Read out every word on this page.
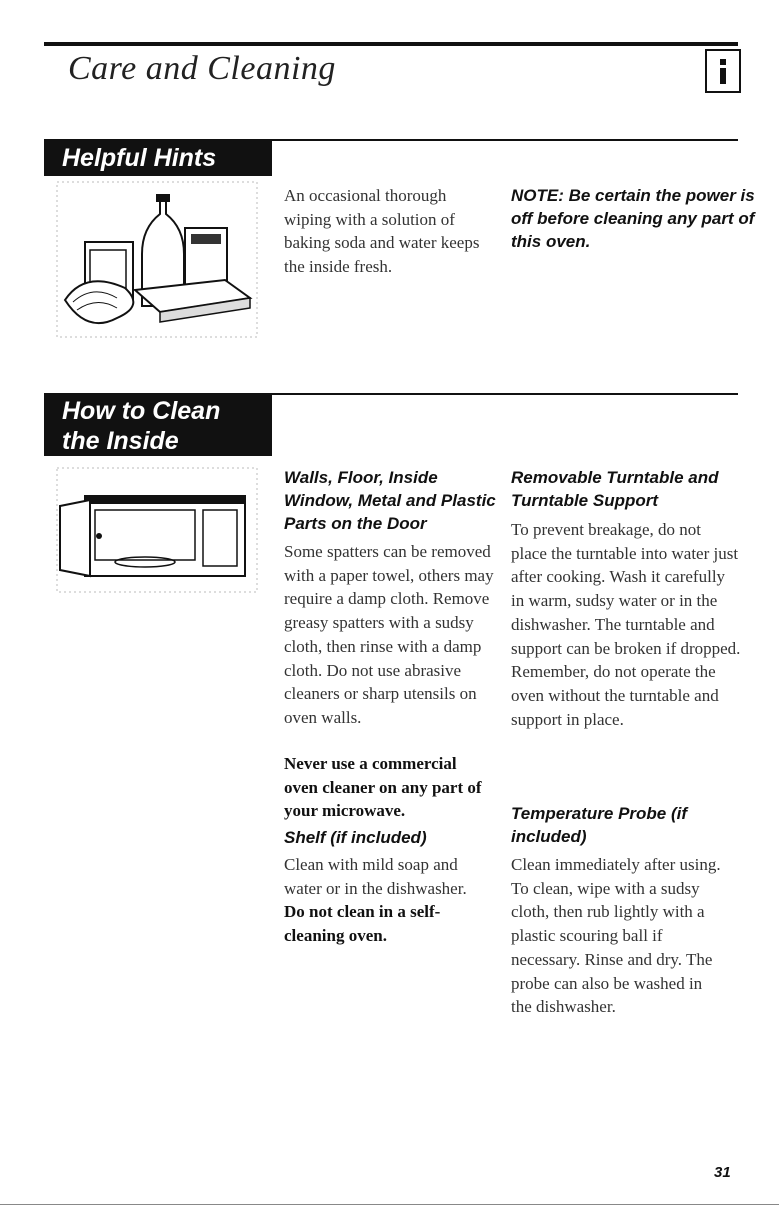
Care and Cleaning
Helpful Hints

An occasional thorough wiping with a solution of baking soda and water keeps the inside fresh.

NOTE: Be certain the power is off before cleaning any part of this oven.

How to Clean
the Inside

Walls, Floor, Inside Window, Metal and Plastic Parts on the Door

Some spatters can be removed with a paper towel, others may require a damp cloth. Remove greasy spatters with a sudsy cloth, then rinse with a damp cloth. Do not use abrasive cleaners or sharp utensils on oven walls.

Never use a commercial oven cleaner on any part of your microwave.

Shelf (if included)

Clean with mild soap and water or in the dishwasher.

Do not clean in a self-cleaning oven.

Removable Turntable and Turntable Support

To prevent breakage, do not place the turntable into water just after cooking. Wash it carefully in warm, sudsy water or in the dishwasher. The turntable and support can be broken if dropped. Remember, do not operate the oven without the turntable and support in place.

Temperature Probe (if included)

Clean immediately after using. To clean, wipe with a sudsy cloth, then rub lightly with a plastic scouring ball if necessary. Rinse and dry. The probe can also be washed in the dishwasher.

31
